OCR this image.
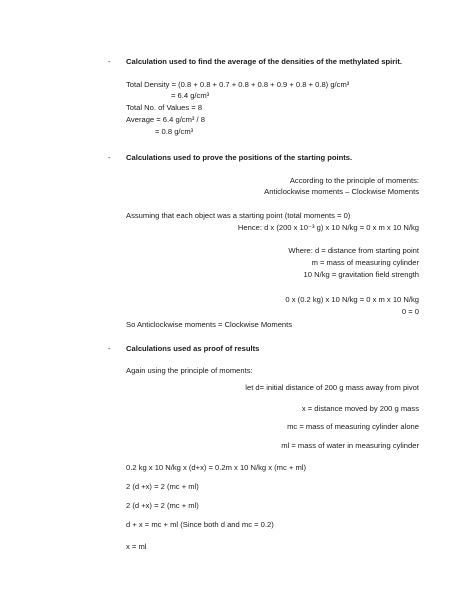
- Calculation used to find the average of the densities of the methylated spirit.
Total Density = (0.8 + 0.8 + 0.7 + 0.8 + 0.8 + 0.9 + 0.8 + 0.8) g/cm³
= 6.4 g/cm³
Total No. of Values = 8
Average = 6.4 g/cm³ / 8
= 0.8 g/cm³
- Calculations used to prove the positions of the starting points.
According to the principle of moments:
Anticlockwise moments – Clockwise Moments
Assuming that each object was a starting point (total moments = 0)
Hence: d x (200 x 10⁻³ g) x 10 N/kg = 0 x m x 10 N/kg
Where: d = distance from starting point
m = mass of measuring cylinder
10 N/kg = gravitation field strength
0 x (0.2 kg) x 10 N/kg = 0 x m x 10 N/kg
0 = 0
So Anticlockwise moments = Clockwise Moments
- Calculations used as proof of results
Again using the principle of moments:
let d= initial distance of 200 g mass away from pivot
x = distance moved by 200 g mass
mc = mass of measuring cylinder alone
ml = mass of water in measuring cylinder
0.2 kg x 10 N/kg x (d+x) = 0.2m x 10 N/kg x (mc + ml)
2 (d +x) = 2 (mc + ml)
2 (d +x) = 2 (mc + ml)
d + x = mc + ml (Since both d and mc = 0.2)
x = ml
